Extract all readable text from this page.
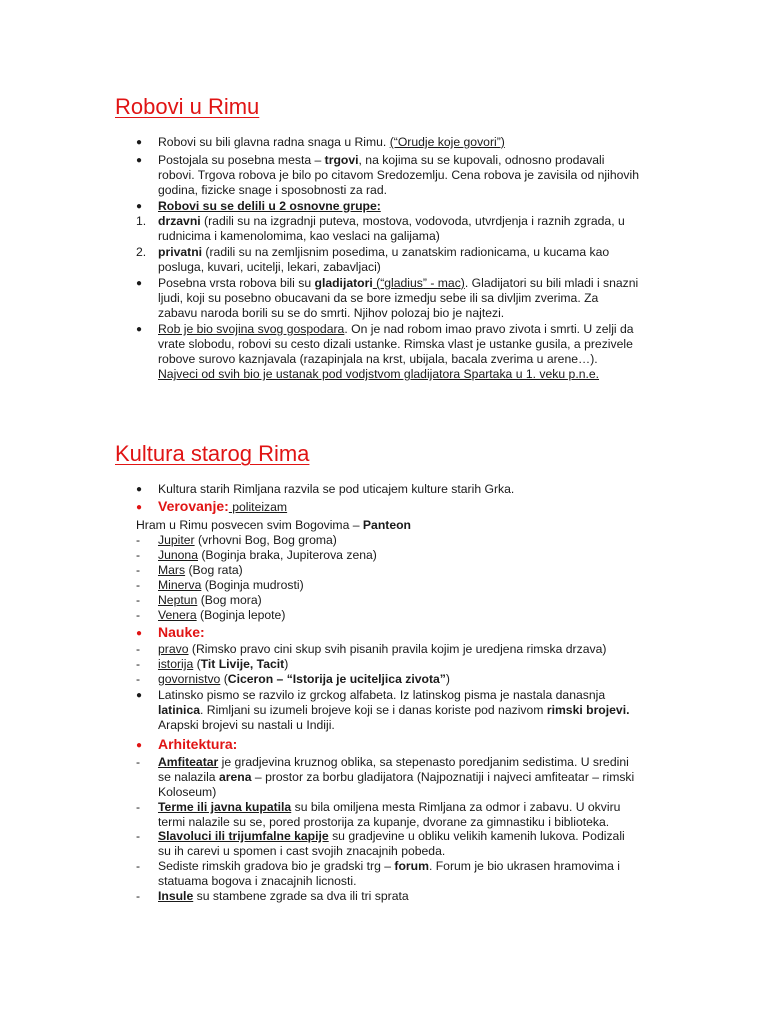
Robovi u Rimu
● Robovi su bili glavna radna snaga u Rimu. (“Orudje koje govori”)
● Postojala su posebna mesta – trgovi, na kojima su se kupovali, odnosno prodavali
robovi. Trgova robova je bilo po citavom Sredozemlju. Cena robova je zavisila od njihovih
godina, fizicke snage i sposobnosti za rad.
● Robovi su se delili u 2 osnovne grupe:
1. drzavni (radili su na izgradnji puteva, mostova, vodovoda, utvrdjenja i raznih zgrada, u
rudnicima i kamenolomima, kao veslaci na galijama)
2. privatni (radili su na zemljisnim posedima, u zanatskim radionicama, u kucama kao
posluga, kuvari, ucitelji, lekari, zabavljaci)
● Posebna vrsta robova bili su gladijatori (“gladius” - mac). Gladijatori su bili mladi i snazni
ljudi, koji su posebno obucavani da se bore izmedju sebe ili sa divljim zverima. Za
zabavu naroda borili su se do smrti. Njihov polozaj bio je najtezi.
● Rob je bio svojina svog gospodara. On je nad robom imao pravo zivota i smrti. U zelji da
vrate slobodu, robovi su cesto dizali ustanke. Rimska vlast je ustanke gusila, a prezivele
robove surovo kaznjavala (razapinjala na krst, ubijala, bacala zverima u arene…).
Najveci od svih bio je ustanak pod vodjstvom gladijatora Spartaka u 1. veku p.n.e.
Kultura starog Rima
● Kultura starih Rimljana razvila se pod uticajem kulture starih Grka.
● Verovanje: politeizam
Hram u Rimu posvecen svim Bogovima – Panteon
-	Jupiter (vrhovni Bog, Bog groma)
-	Junona (Boginja braka, Jupiterova zena)
-	Mars (Bog rata)
-	Minerva (Boginja mudrosti)
-	Neptun (Bog mora)
-	Venera (Boginja lepote)
● Nauke:
-	pravo (Rimsko pravo cini skup svih pisanih pravila kojim je uredjena rimska drzava)
-	istorija (Tit Livije, Tacit)
-	govornistvo (Ciceron – “Istorija je uciteljica zivota”)
● Latinsko pismo se razvilo iz grckog alfabeta. Iz latinskog pisma je nastala danasnja
latinica. Rimljani su izumeli brojeve koji se i danas koriste pod nazivom rimski brojevi.
Arapski brojevi su nastali u Indiji.
● Arhitektura:
-	Amfiteatar je gradjevina kruznog oblika, sa stepenasto poredjanim sedistima. U sredini
se nalazila arena – prostor za borbu gladijatora (Najpoznatiji i najveci amfiteatar – rimski
Koloseum)
-	Terme ili javna kupatila su bila omiljena mesta Rimljana za odmor i zabavu. U okviru
termi nalazile su se, pored prostorija za kupanje, dvorane za gimnastiku i biblioteka.
-	Slavoluci ili trijumfalne kapije su gradjevine u obliku velikih kamenih lukova. Podizali
su ih carevi u spomen i cast svojih znacajnih pobeda.
-	Sediste rimskih gradova bio je gradski trg – forum. Forum je bio ukrasen hramovima i
statuama bogova i znacajnih licnosti.
-	Insule su stambene zgrade sa dva ili tri sprata
